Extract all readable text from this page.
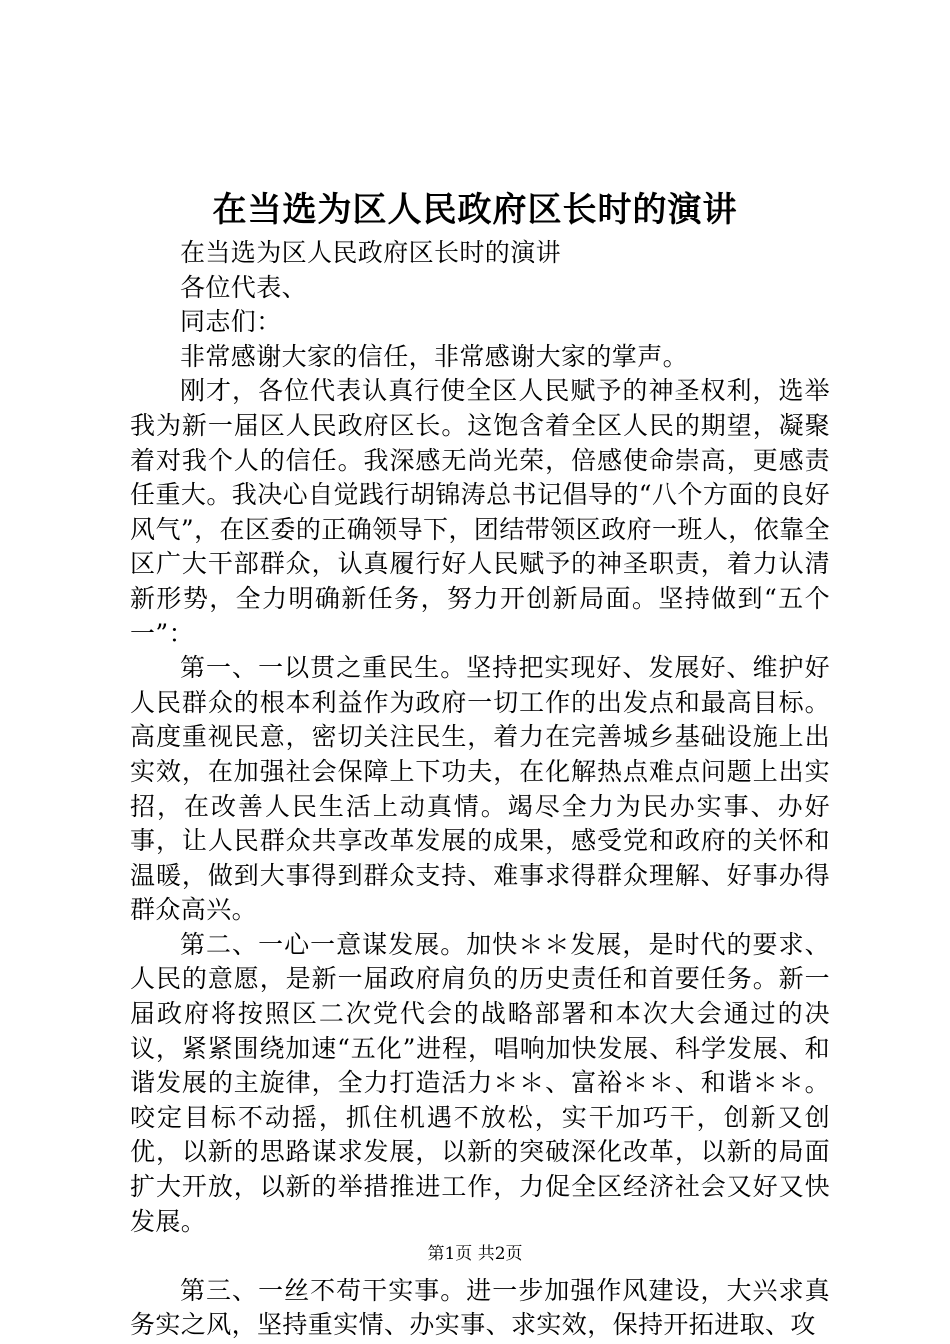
在当选为区人民政府区长时的演讲

在当选为区人民政府区长时的演讲

各位代表、

同志们：

非常感谢大家的信任，非常感谢大家的掌声。

刚才，各位代表认真行使全区人民赋予的神圣权利，选举我为新一届区人民政府区长。这饱含着全区人民的期望，凝聚着对我个人的信任。我深感无尚光荣，倍感使命崇高，更感责任重大。我决心自觉践行胡锦涛总书记倡导的“八个方面的良好风气”，在区委的正确领导下，团结带领区政府一班人，依靠全区广大干部群众，认真履行好人民赋予的神圣职责，着力认清新形势，全力明确新任务，努力开创新局面。坚持做到“五个一”：

第一、一以贯之重民生。坚持把实现好、发展好、维护好人民群众的根本利益作为政府一切工作的出发点和最高目标。高度重视民意，密切关注民生，着力在完善城乡基础设施上出实效，在加强社会保障上下功夫，在化解热点难点问题上出实招，在改善人民生活上动真情。竭尽全力为民办实事、办好事，让人民群众共享改革发展的成果，感受党和政府的关怀和温暖，做到大事得到群众支持、难事求得群众理解、好事办得群众高兴。

第二、一心一意谋发展。加快＊＊发展，是时代的要求、人民的意愿，是新一届政府肩负的历史责任和首要任务。新一届政府将按照区二次党代会的战略部署和本次大会通过的决议，紧紧围绕加速“五化”进程，唱响加快发展、科学发展、和谐发展的主旋律，全力打造活力＊＊、富裕＊＊、和谐＊＊。咬定目标不动摇，抓住机遇不放松，实干加巧干，创新又创优，以新的思路谋求发展，以新的突破深化改革，以新的局面扩大开放，以新的举措推进工作，力促全区经济社会又好又快发展。

第三、一丝不苟干实事。进一步加强作风建设，大兴求真务实之风，坚持重实情、办实事、求实效，保持开拓进取、攻

第1页 共2页
